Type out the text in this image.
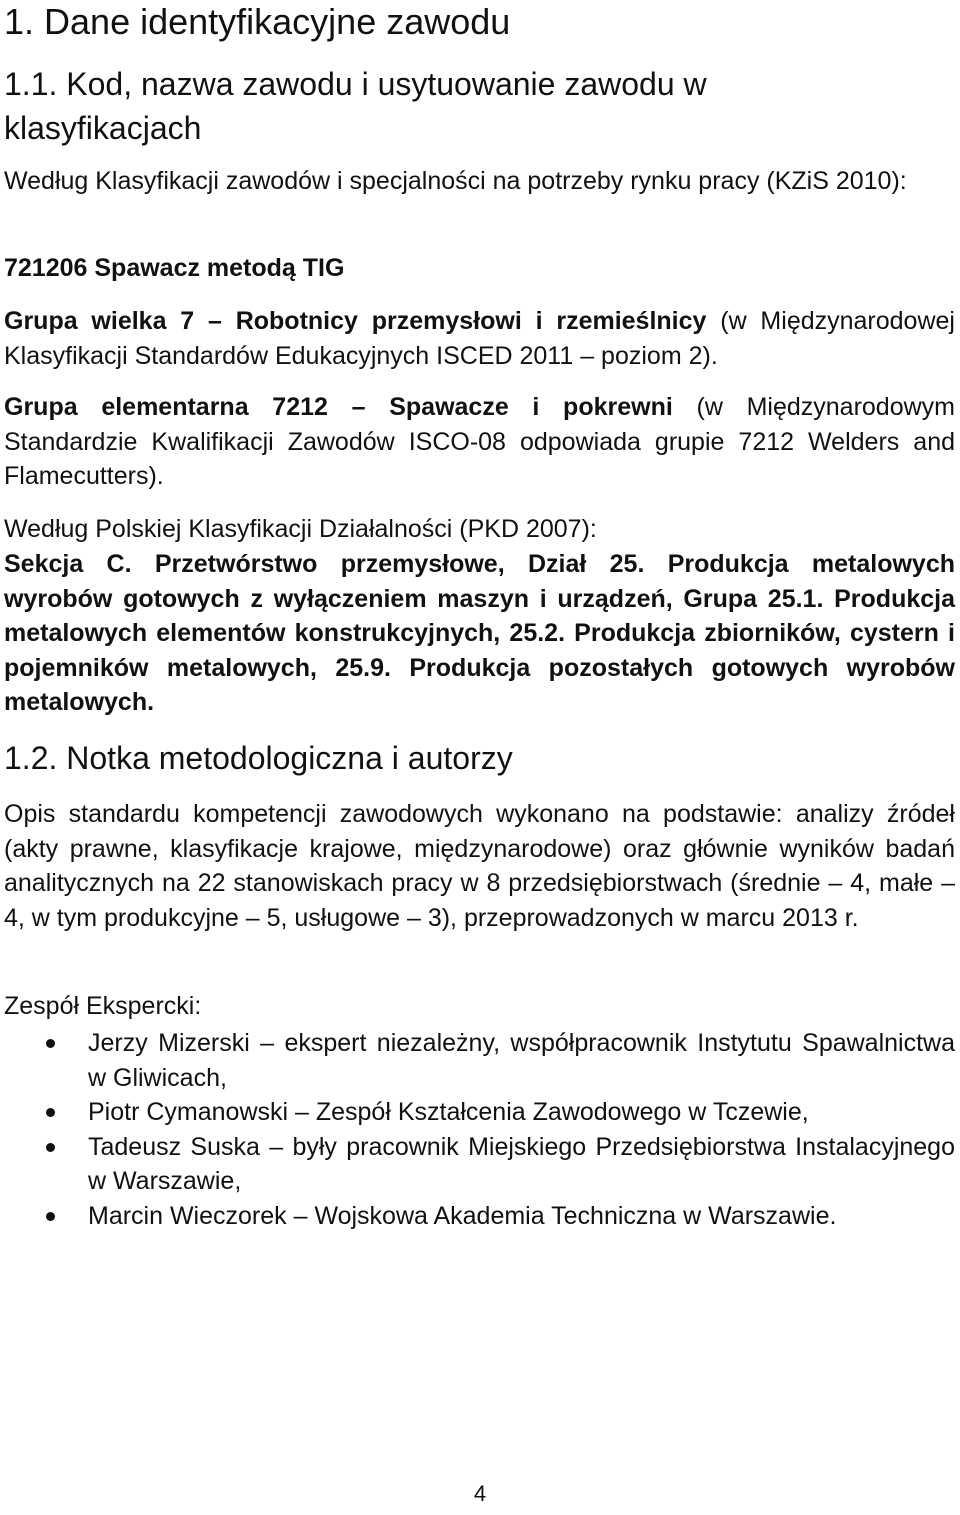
1. Dane identyfikacyjne zawodu
1.1. Kod, nazwa zawodu i usytuowanie zawodu w klasyfikacjach

Według Klasyfikacji zawodów i specjalności na potrzeby rynku pracy (KZiS 2010):

721206 Spawacz metodą TIG

Grupa wielka 7 – Robotnicy przemysłowi i rzemieślnicy (w Międzynarodowej Klasyfikacji Standardów Edukacyjnych ISCED 2011 – poziom 2).

Grupa elementarna 7212 – Spawacze i pokrewni (w Międzynarodowym Standardzie Kwalifikacji Zawodów ISCO-08 odpowiada grupie 7212 Welders and Flamecutters).

Według Polskiej Klasyfikacji Działalności (PKD 2007):

Sekcja C. Przetwórstwo przemysłowe, Dział 25. Produkcja metalowych wyrobów gotowych z wyłączeniem maszyn i urządzeń, Grupa 25.1. Produkcja metalowych elementów konstrukcyjnych, 25.2. Produkcja zbiorników, cystern i pojemników metalowych, 25.9. Produkcja pozostałych gotowych wyrobów metalowych.

1.2. Notka metodologiczna i autorzy

Opis standardu kompetencji zawodowych wykonano na podstawie: analizy źródeł (akty prawne, klasyfikacje krajowe, międzynarodowe) oraz głównie wyników badań analitycznych na 22 stanowiskach pracy w 8 przedsiębiorstwach (średnie – 4, małe – 4, w tym produkcyjne – 5, usługowe – 3), przeprowadzonych w marcu 2013 r.

Zespół Ekspercki:

Jerzy Mizerski – ekspert niezależny, współpracownik Instytutu Spawalnictwa w Gliwicach,
Piotr Cymanowski – Zespół Kształcenia Zawodowego w Tczewie,
Tadeusz Suska – były pracownik Miejskiego Przedsiębiorstwa Instalacyjnego w Warszawie,
Marcin Wieczorek – Wojskowa Akademia Techniczna w Warszawie.
4
